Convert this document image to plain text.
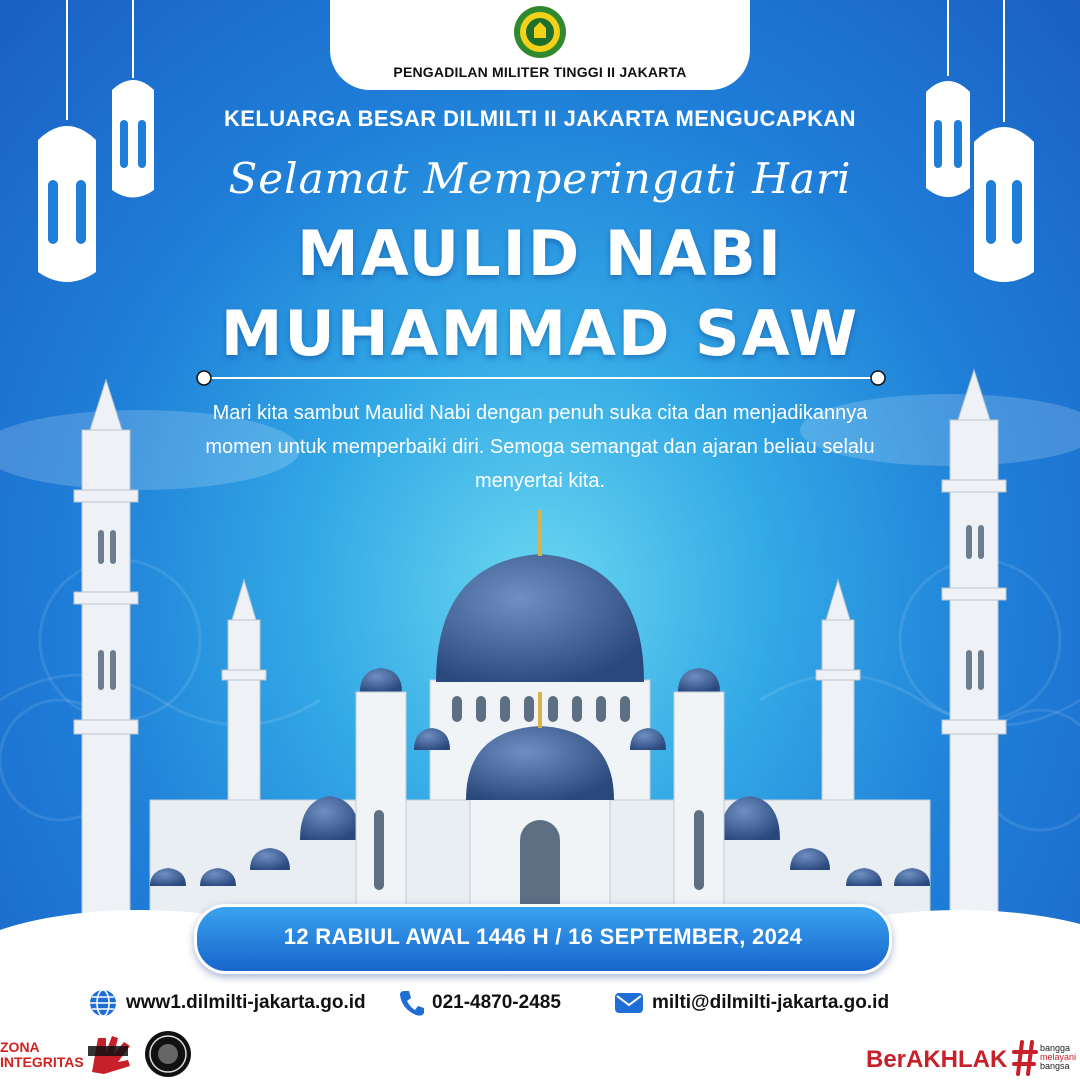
PENGADILAN MILITER TINGGI II JAKARTA
KELUARGA BESAR DILMILTI II JAKARTA MENGUCAPKAN
Selamat Memperingati Hari
MAULID NABI
MUHAMMAD SAW
Mari kita sambut Maulid Nabi dengan penuh suka cita dan menjadikannya momen untuk memperbaiki diri. Semoga semangat dan ajaran beliau selalu menyertai kita.
12 RABIUL AWAL 1446 H / 16 SEPTEMBER, 2024
www1.dilmilti-jakarta.go.id	021-4870-2485	milti@dilmilti-jakarta.go.id
ZONA
INTEGRITAS	BerAKHLAK	bangga
melayani
bangsa
